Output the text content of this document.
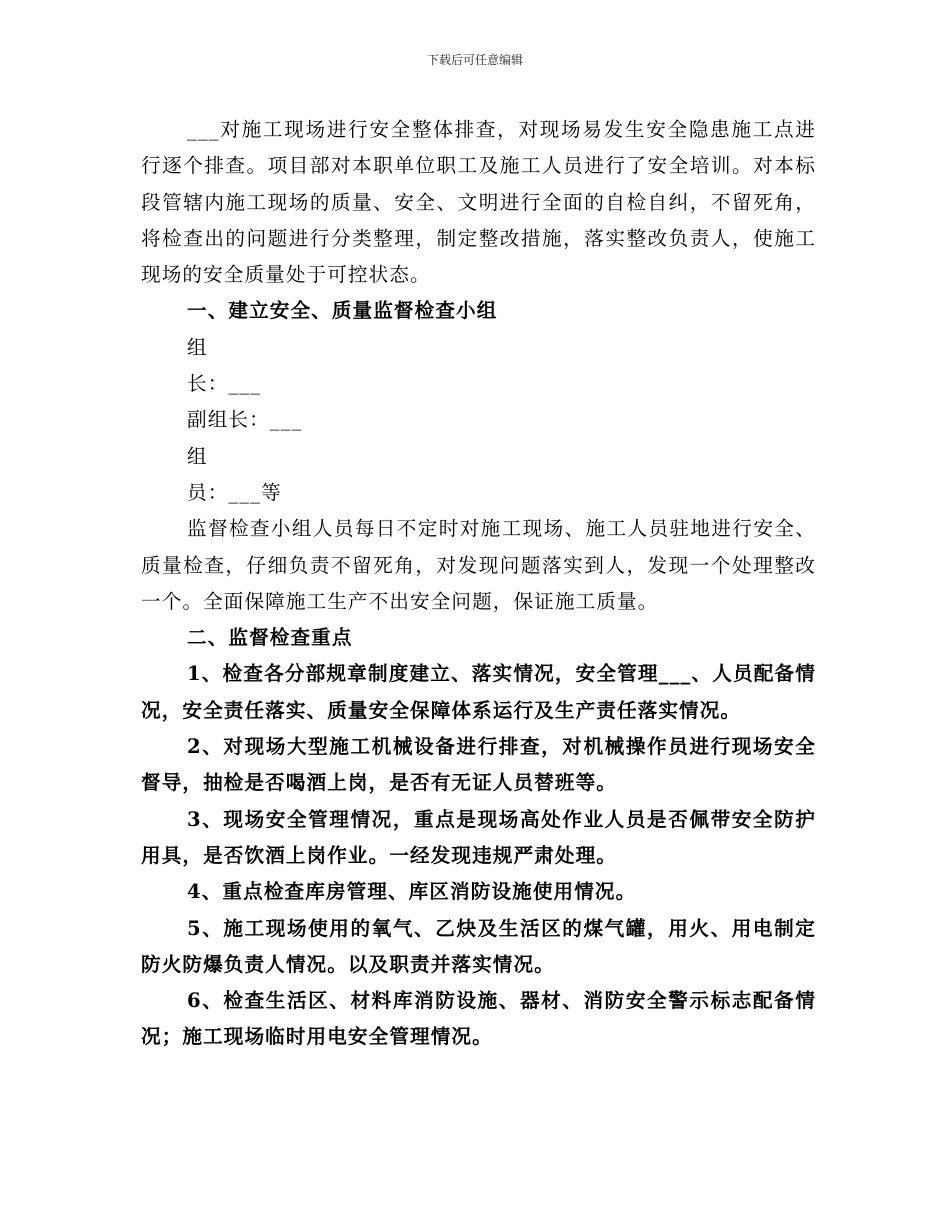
下载后可任意编辑

___对施工现场进行安全整体排查，对现场易发生安全隐患施工点进行逐个排查。项目部对本职单位职工及施工人员进行了安全培训。对本标段管辖内施工现场的质量、安全、文明进行全面的自检自纠，不留死角，将检查出的问题进行分类整理，制定整改措施，落实整改负责人，使施工现场的安全质量处于可控状态。

一、建立安全、质量监督检查小组

组

长：___

副组长：___

组

员：___等

监督检查小组人员每日不定时对施工现场、施工人员驻地进行安全、质量检查，仔细负责不留死角，对发现问题落实到人，发现一个处理整改一个。全面保障施工生产不出安全问题，保证施工质量。

二、监督检查重点

1、检查各分部规章制度建立、落实情况，安全管理___、人员配备情况，安全责任落实、质量安全保障体系运行及生产责任落实情况。

2、对现场大型施工机械设备进行排查，对机械操作员进行现场安全督导，抽检是否喝酒上岗，是否有无证人员替班等。

3、现场安全管理情况，重点是现场高处作业人员是否佩带安全防护用具，是否饮酒上岗作业。一经发现违规严肃处理。

4、重点检查库房管理、库区消防设施使用情况。

5、施工现场使用的氧气、乙炔及生活区的煤气罐，用火、用电制定防火防爆负责人情况。以及职责并落实情况。

6、检查生活区、材料库消防设施、器材、消防安全警示标志配备情况；施工现场临时用电安全管理情况。
